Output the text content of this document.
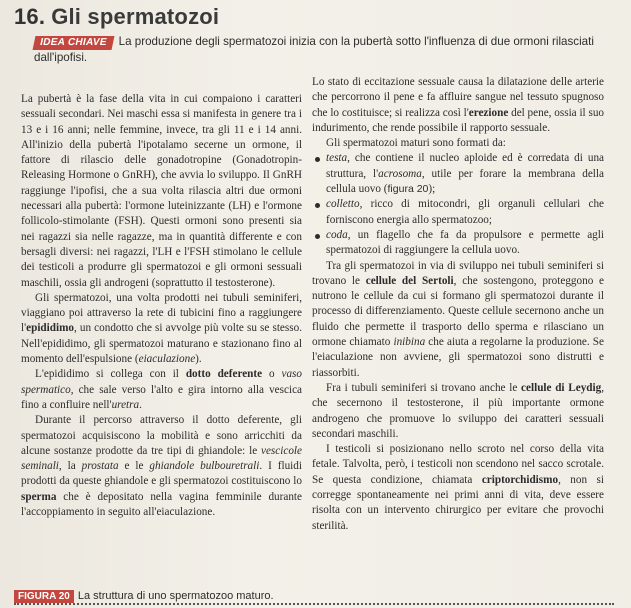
16. Gli spermatozoi
IDEA CHIAVE La produzione degli spermatozoi inizia con la pubertà sotto l'influenza di due ormoni rilasciati dall'ipofisi.

La pubertà è la fase della vita in cui compaiono i caratteri sessuali secondari. Nei maschi essa si manifesta in genere tra i 13 e i 16 anni; nelle femmine, invece, tra gli 11 e i 14 anni. All'inizio della pubertà l'ipotalamo secerne un ormone, il fattore di rilascio delle gonadotropine (Gonadotropin-Releasing Hormone o GnRH), che avvia lo sviluppo. Il GnRH raggiunge l'ipofisi, che a sua volta rilascia altri due ormoni necessari alla pubertà: l'ormone luteinizzante (LH) e l'ormone follicolo-stimolante (FSH). Questi ormoni sono presenti sia nei ragazzi sia nelle ragazze, ma in quantità differente e con bersagli diversi: nei ragazzi, l'LH e l'FSH stimolano le cellule dei testicoli a produrre gli spermatozoi e gli ormoni sessuali maschili, ossia gli androgeni (soprattutto il testosterone).

Gli spermatozoi, una volta prodotti nei tubuli seminiferi, viaggiano poi attraverso la rete di tubicini fino a raggiungere l'epididimo, un condotto che si avvolge più volte su se stesso. Nell'epididimo, gli spermatozoi maturano e stazionano fino al momento dell'espulsione (eiaculazione).

L'epididimo si collega con il dotto deferente o vaso spermatico, che sale verso l'alto e gira intorno alla vescica fino a confluire nell'uretra.

Durante il percorso attraverso il dotto deferente, gli spermatozoi acquisiscono la mobilità e sono arricchiti da alcune sostanze prodotte da tre tipi di ghiandole: le vescicole seminali, la prostata e le ghiandole bulbouretrali. I fluidi prodotti da queste ghiandole e gli spermatozoi costituiscono lo sperma che è depositato nella vagina femminile durante l'accoppiamento in seguito all'eiaculazione.

Lo stato di eccitazione sessuale causa la dilatazione delle arterie che percorrono il pene e fa affluire sangue nel tessuto spugnoso che lo costituisce; si realizza così l'erezione del pene, ossia il suo indurimento, che rende possibile il rapporto sessuale.

Gli spermatozoi maturi sono formati da:

testa, che contiene il nucleo aploide ed è corredata di una struttura, l'acrosoma, utile per forare la membrana della cellula uovo (figura 20);
colletto, ricco di mitocondri, gli organuli cellulari che forniscono energia allo spermatozoo;
coda, un flagello che fa da propulsore e permette agli spermatozoi di raggiungere la cellula uovo.

Tra gli spermatozoi in via di sviluppo nei tubuli seminiferi si trovano le cellule del Sertoli, che sostengono, proteggono e nutrono le cellule da cui si formano gli spermatozoi durante il processo di differenziamento. Queste cellule secernono anche un fluido che permette il trasporto dello sperma e rilasciano un ormone chiamato inibina che aiuta a regolarne la produzione. Se l'eiaculazione non avviene, gli spermatozoi sono distrutti e riassorbiti.

Fra i tubuli seminiferi si trovano anche le cellule di Leydig, che secernono il testosterone, il più importante ormone androgeno che promuove lo sviluppo dei caratteri sessuali secondari maschili.

I testicoli si posizionano nello scroto nel corso della vita fetale. Talvolta, però, i testicoli non scendono nel sacco scrotale. Se questa condizione, chiamata criptorchidismo, non si corregge spontaneamente nei primi anni di vita, deve essere risolta con un intervento chirurgico per evitare che provochi sterilità.

FIGURA 20 La struttura di uno spermatozoo maturo.
